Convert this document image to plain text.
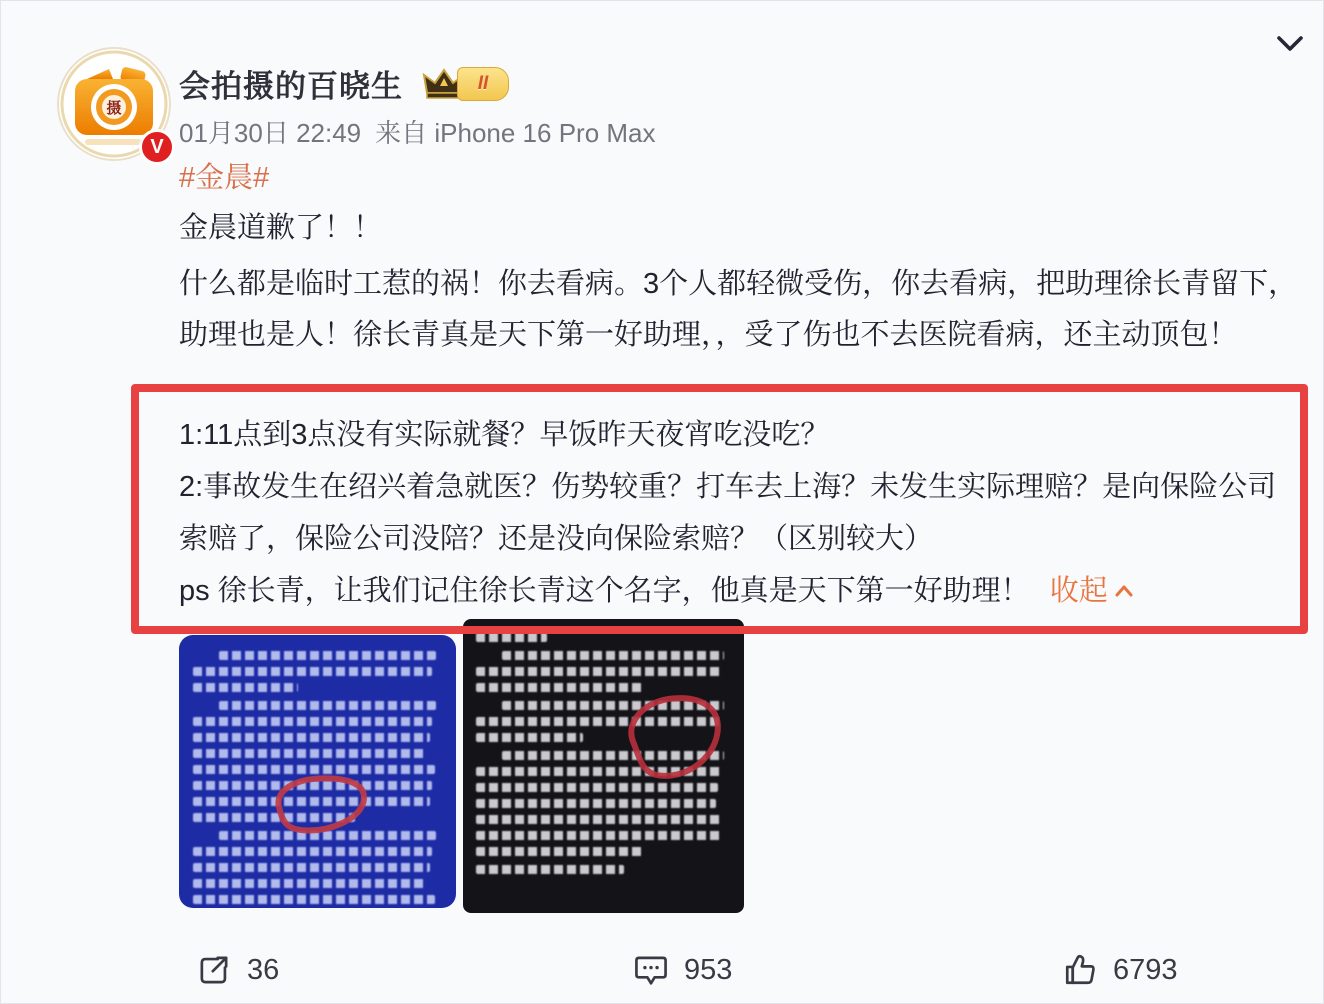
摄
V
会拍摄的百晓生	II
01月30日 22:49 来自 iPhone 16 Pro Max
#金晨#
金晨道歉了！！
什么都是临时工惹的祸！你去看病。3个人都轻微受伤，你去看病，把助理徐长青留下，助理也是人！徐长青真是天下第一好助理，，受了伤也不去医院看病，还主动顶包！

1:11点到3点没有实际就餐？早饭昨天夜宵吃没吃？

2:事故发生在绍兴着急就医？伤势较重？打车去上海？未发生实际理赔？是向保险公司索赔了，保险公司没陪？还是没向保险索赔？（区别较大）

ps 徐长青，让我们记住徐长青这个名字，他真是天下第一好助理！ 收起

36	953	6793
